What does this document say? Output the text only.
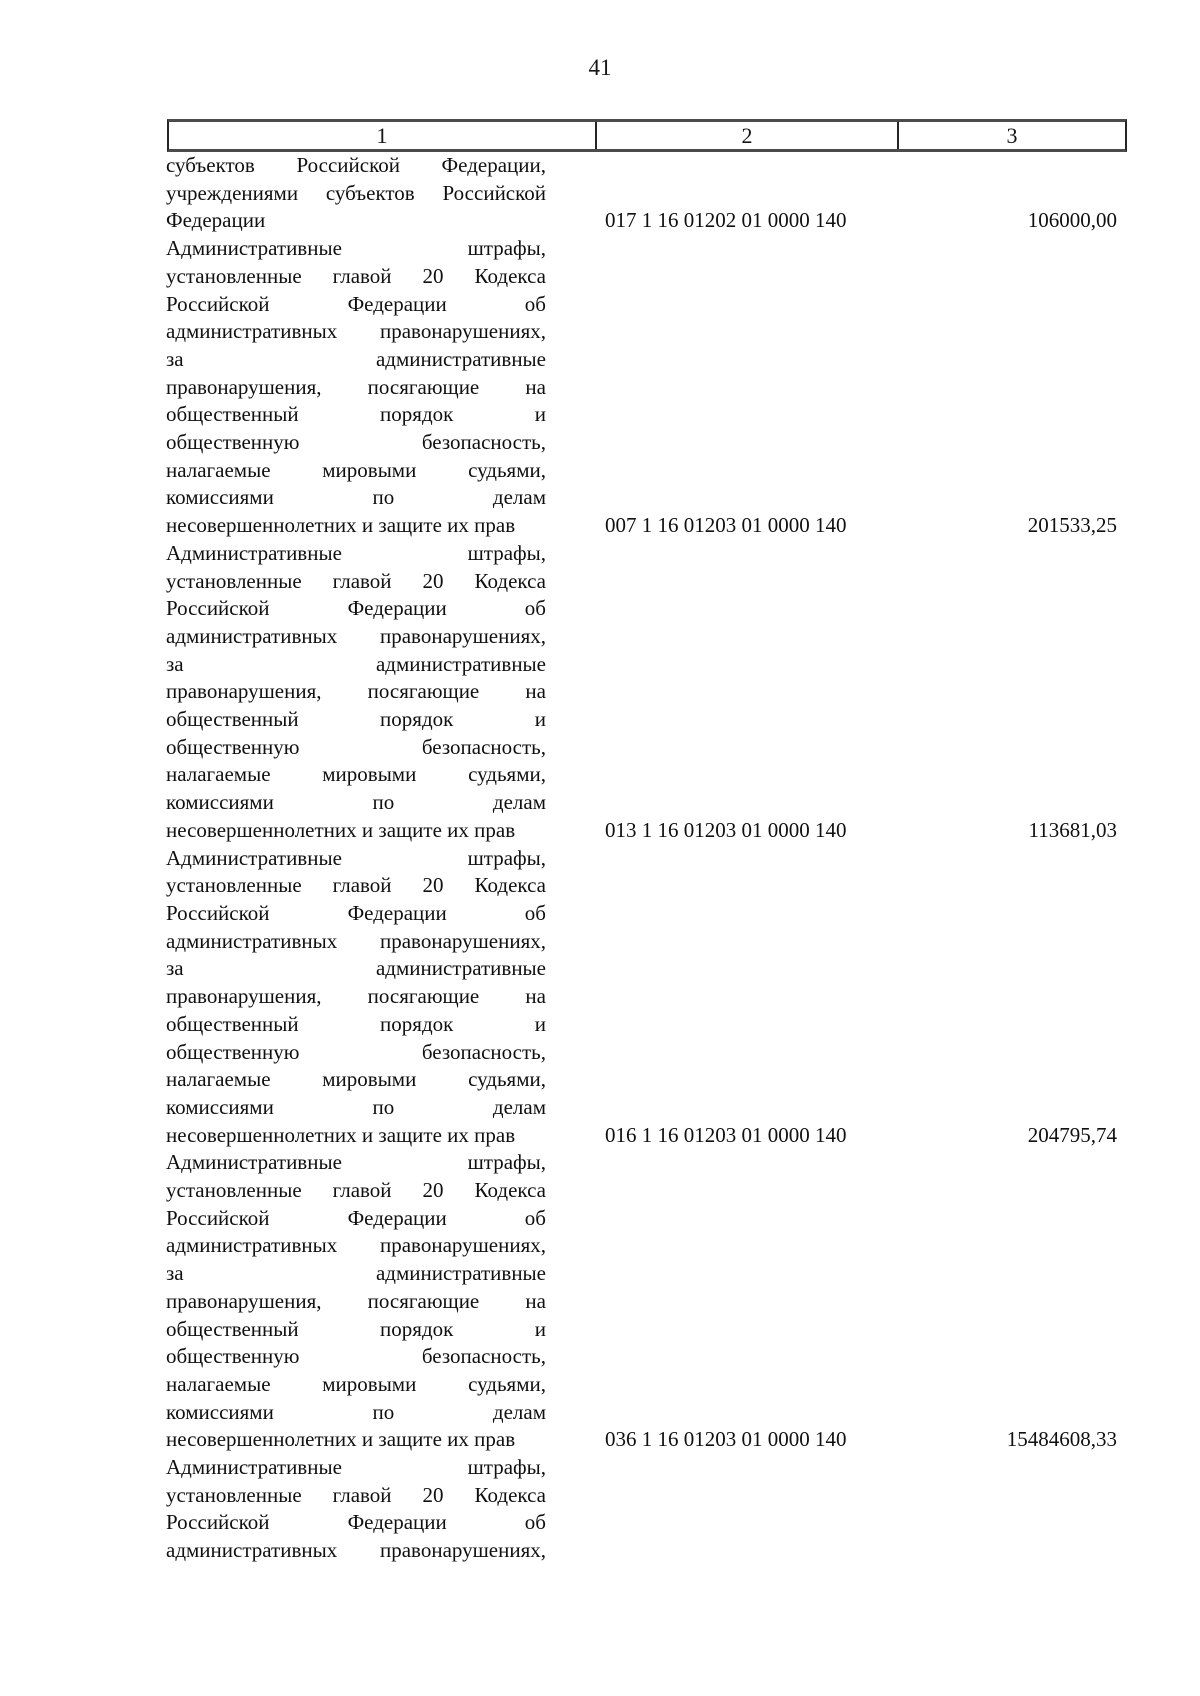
41
1	2	3
субъектов Российской Федерации,
учреждениями субъектов Российской
Федерации	017 1 16 01202 01 0000 140	106000,00
Административные штрафы,
установленные главой 20 Кодекса
Российской Федерации об
административных правонарушениях,
за административные
правонарушения, посягающие на
общественный порядок и
общественную безопасность,
налагаемые мировыми судьями,
комиссиями по делам
несовершеннолетних и защите их прав	007 1 16 01203 01 0000 140	201533,25
Административные штрафы,
установленные главой 20 Кодекса
Российской Федерации об
административных правонарушениях,
за административные
правонарушения, посягающие на
общественный порядок и
общественную безопасность,
налагаемые мировыми судьями,
комиссиями по делам
несовершеннолетних и защите их прав	013 1 16 01203 01 0000 140	113681,03
Административные штрафы,
установленные главой 20 Кодекса
Российской Федерации об
административных правонарушениях,
за административные
правонарушения, посягающие на
общественный порядок и
общественную безопасность,
налагаемые мировыми судьями,
комиссиями по делам
несовершеннолетних и защите их прав	016 1 16 01203 01 0000 140	204795,74
Административные штрафы,
установленные главой 20 Кодекса
Российской Федерации об
административных правонарушениях,
за административные
правонарушения, посягающие на
общественный порядок и
общественную безопасность,
налагаемые мировыми судьями,
комиссиями по делам
несовершеннолетних и защите их прав	036 1 16 01203 01 0000 140	15484608,33
Административные штрафы,
установленные главой 20 Кодекса
Российской Федерации об
административных правонарушениях,
